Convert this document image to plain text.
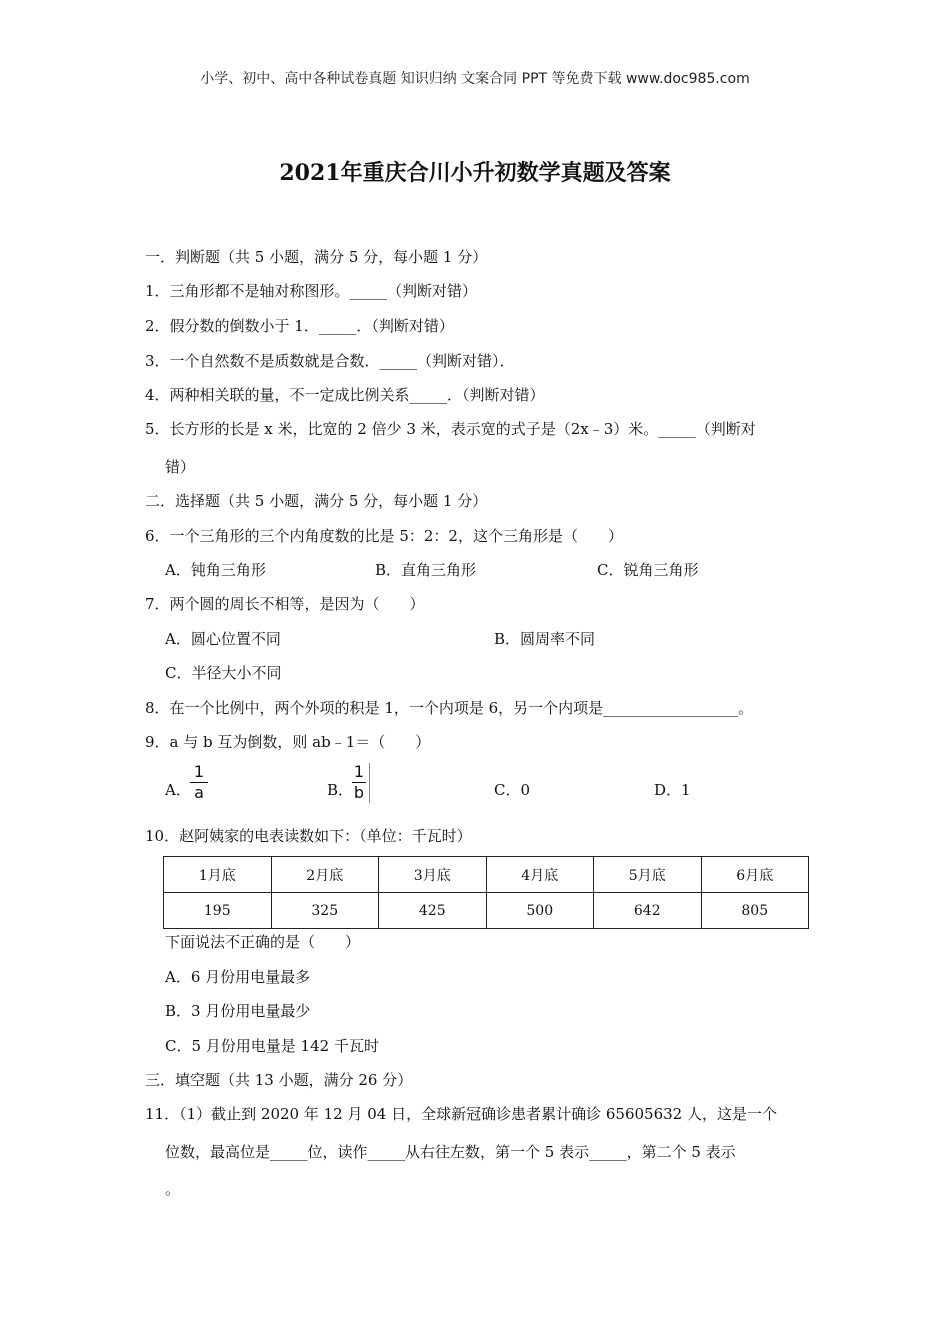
小学、初中、高中各种试卷真题 知识归纳 文案合同 PPT 等免费下载 www.doc985.com
2021年重庆合川小升初数学真题及答案
一．判断题（共 5 小题，满分 5 分，每小题 1 分）
1．三角形都不是轴对称图形。_____（判断对错）
2．假分数的倒数小于 1．_____．（判断对错）
3．一个自然数不是质数就是合数．_____（判断对错）．
4．两种相关联的量，不一定成比例关系_____．（判断对错）
5．长方形的长是 x 米，比宽的 2 倍少 3 米，表示宽的式子是（2x﹣3）米。_____（判断对
错）
二．选择题（共 5 小题，满分 5 分，每小题 1 分）
6．一个三角形的三个内角度数的比是 5：2：2，这个三角形是（　　）
A．钝角三角形	B．直角三角形	C．锐角三角形
7．两个圆的周长不相等，是因为（　　）
A．圆心位置不同	B．圆周率不同
C．半径大小不同
8．在一个比例中，两个外项的积是 1，一个内项是 6，另一个内项是__________________。
9．a 与 b 互为倒数，则 ab﹣1＝（　　）
A．
1
a	B．
1
b	C．0	D．1
10．赵阿姨家的电表读数如下：（单位：千瓦时）
1月底	2月底	3月底	4月底	5月底	6月底
195	325	425	500	642	805
下面说法不正确的是（　　）
A．6 月份用电量最多
B．3 月份用电量最少
C．5 月份用电量是 142 千瓦时
三．填空题（共 13 小题，满分 26 分）
11．（1）截止到 2020 年 12 月 04 日，全球新冠确诊患者累计确诊 65605632 人，这是一个
位数，最高位是_____位，读作_____从右往左数，第一个 5 表示_____，第二个 5 表示
。
